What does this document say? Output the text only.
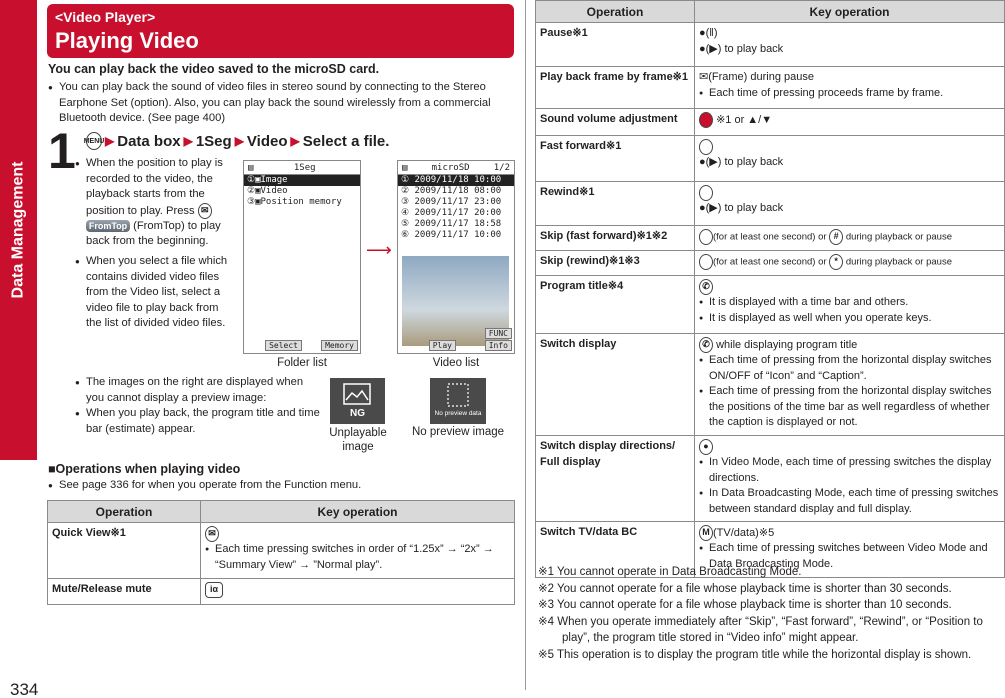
Data Management
334
<Video Player>
Playing Video
You can play back the video saved to the microSD card.
● You can play back the sound of video files in stereo sound by connecting to the Stereo Earphone Set (option). Also, you can play back the sound wirelessly from a commercial Bluetooth device. (See page 400)
1 MENU ▶ Data box ▶ 1Seg ▶ Video ▶ Select a file.
● When the position to play is recorded to the video, the playback starts from the position to play. Press ✉ FromTop (FromTop) to play back from the beginning.
● When you select a file which contains divided video files from the Video list, select a video file to play back from the list of divided video files.
● The images on the right are displayed when you cannot display a preview image:
● When you play back, the program title and time bar (estimate) appear.
▤	1Seg
①▣Image
②▣Video
③▣Position memory
Select	Memory
Folder list
⟶
▤	microSD	1/2
① 2009/11/18 10:00
② 2009/11/18 08:00
③ 2009/11/17 23:00
④ 2009/11/17 20:00
⑤ 2009/11/17 18:58
⑥ 2009/11/17 10:00
Play
FUNC
Info
Video list
NG
Unplayable image
No preview data
No preview image
■Operations when playing video
● See page 336 for when you operate from the Function menu.
Operation	Key operation
Quick View※1	✉
● Each time pressing switches in order of “1.25x” → “2x” → “Summary View” → ”Normal play”.

Mute/Release mute	iα
Operation	Key operation
Pause※1	●(‖)
●(▶) to play back

Play back frame by frame※1	✉(Frame) during pause
● Each time of pressing proceeds frame by frame.

Sound volume adjustment	※1 or ▲/▼
Fast forward※1	●(▶) to play back

Rewind※1	●(▶) to play back

Skip (fast forward)※1※2	(for at least one second) or # during playback or pause
Skip (rewind)※1※3	(for at least one second) or * during playback or pause
Program title※4	✆
● It is displayed with a time bar and others.
● It is displayed as well when you operate keys.

Switch display	✆ while displaying program title
● Each time of pressing from the horizontal display switches ON/OFF of “Icon” and “Caption”.
● Each time of pressing from the horizontal display switches the positions of the time bar as well regardless of whether the caption is displayed or not.

Switch display directions/ Full display	●
● In Video Mode, each time of pressing switches the display directions.
● In Data Broadcasting Mode, each time of pressing switches between standard display and full display.

Switch TV/data BC	M (TV/data)※5
● Each time of pressing switches between Video Mode and Data Broadcasting Mode.
※1 You cannot operate in Data Broadcasting Mode.
※2 You cannot operate for a file whose playback time is shorter than 30 seconds.
※3 You cannot operate for a file whose playback time is shorter than 10 seconds.
※4 When you operate immediately after “Skip”, “Fast forward”, “Rewind”, or “Position to play”, the program title stored in “Video info” might appear.
※5 This operation is to display the program title while the horizontal display is shown.
